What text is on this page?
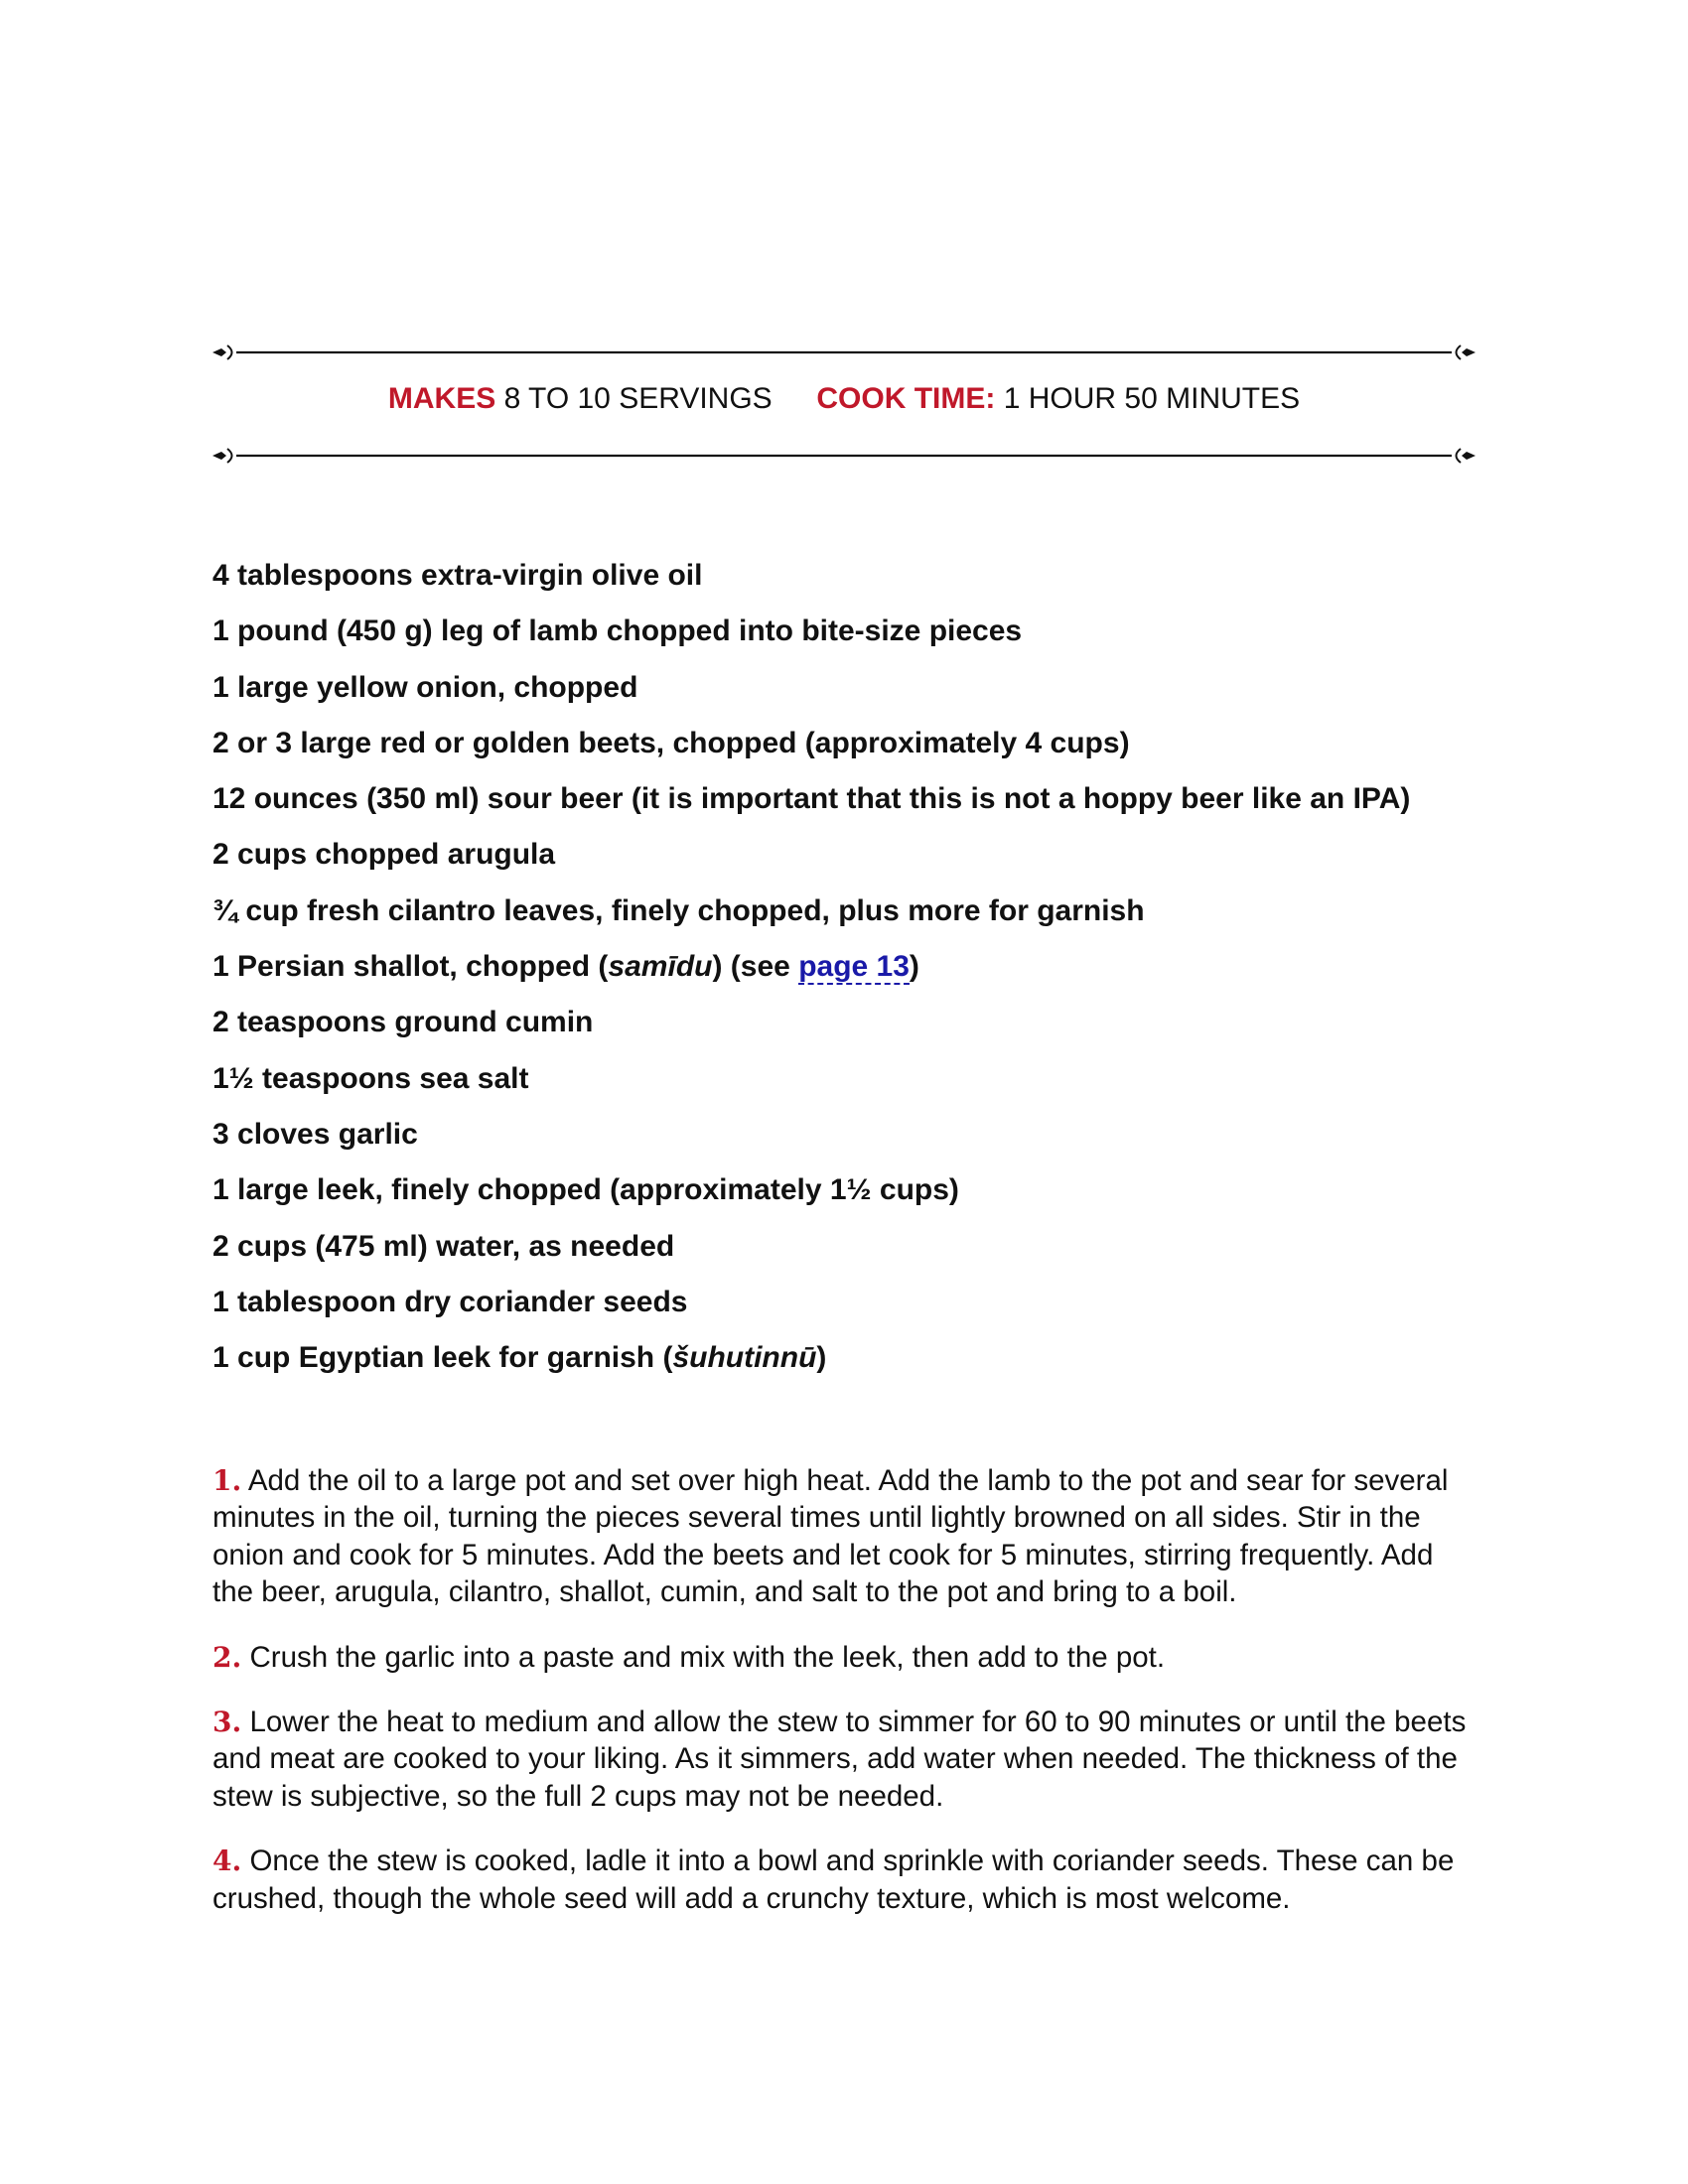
MAKES 8 TO 10 SERVINGS COOK TIME: 1 HOUR 50 MINUTES
4 tablespoons extra-virgin olive oil
1 pound (450 g) leg of lamb chopped into bite-size pieces
1 large yellow onion, chopped
2 or 3 large red or golden beets, chopped (approximately 4 cups)
12 ounces (350 ml) sour beer (it is important that this is not a hoppy beer like an IPA)
2 cups chopped arugula
¾ cup fresh cilantro leaves, finely chopped, plus more for garnish
1 Persian shallot, chopped (samīdu) (see page 13)
2 teaspoons ground cumin
1½ teaspoons sea salt
3 cloves garlic
1 large leek, finely chopped (approximately 1½ cups)
2 cups (475 ml) water, as needed
1 tablespoon dry coriander seeds
1 cup Egyptian leek for garnish (šuhutinnū)

1. Add the oil to a large pot and set over high heat. Add the lamb to the pot and sear for several minutes in the oil, turning the pieces several times until lightly browned on all sides. Stir in the onion and cook for 5 minutes. Add the beets and let cook for 5 minutes, stirring frequently. Add the beer, arugula, cilantro, shallot, cumin, and salt to the pot and bring to a boil.

2. Crush the garlic into a paste and mix with the leek, then add to the pot.

3. Lower the heat to medium and allow the stew to simmer for 60 to 90 minutes or until the beets and meat are cooked to your liking. As it simmers, add water when needed. The thickness of the stew is subjective, so the full 2 cups may not be needed.

4. Once the stew is cooked, ladle it into a bowl and sprinkle with coriander seeds. These can be crushed, though the whole seed will add a crunchy texture, which is most welcome.
